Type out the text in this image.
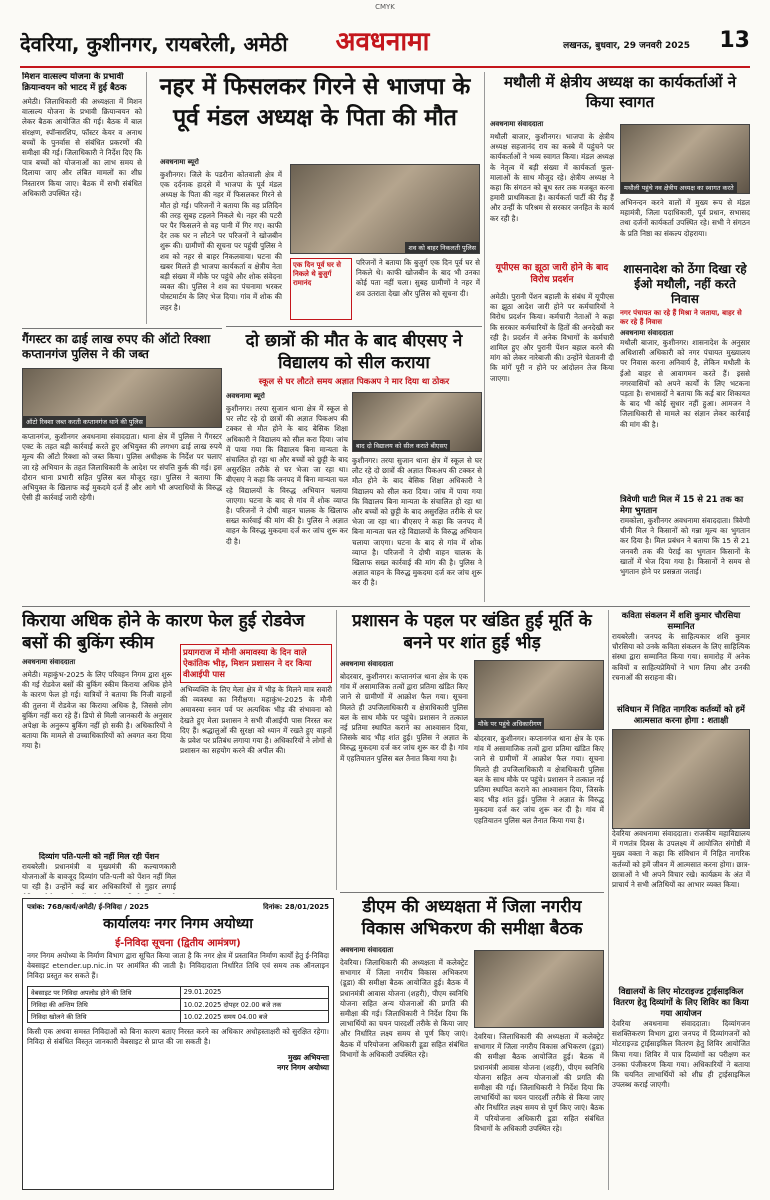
CMYK
देवरिया, कुशीनगर, रायबरेली, अमेठी	अवधनामा	लखनऊ, बुधवार, 29 जनवरी 2025	13
मिशन वात्सल्य योजना के प्रभावी क्रियान्वयन को भाटद में हुई बैठक
अमेठी। जिलाधिकारी की अध्यक्षता में मिशन वात्सल्य योजना के प्रभावी क्रियान्वयन को लेकर बैठक आयोजित की गई। बैठक में बाल संरक्षण, स्पॉन्सरशिप, फॉस्टर केयर व अनाथ बच्चों के पुनर्वास से संबंधित प्रकरणों की समीक्षा की गई। जिलाधिकारी ने निर्देश दिए कि पात्र बच्चों को योजनाओं का लाभ समय से दिलाया जाए और लंबित मामलों का शीघ्र निस्तारण किया जाए। बैठक में सभी संबंधित अधिकारी उपस्थित रहे।
गैंगस्टर का ढाई लाख रुपए की ऑटो रिक्शा कप्तानगंज पुलिस ने की जब्त
ऑटो रिक्शा जब्त करती कप्तानगंज थाने की पुलिस
कप्तानगंज, कुशीनगर अवधनामा संवाददाता। थाना क्षेत्र में पुलिस ने गैंगस्टर एक्ट के तहत बड़ी कार्रवाई करते हुए अभियुक्त की लगभग ढाई लाख रुपये मूल्य की ऑटो रिक्शा को जब्त किया। पुलिस अधीक्षक के निर्देश पर चलाए जा रहे अभियान के तहत जिलाधिकारी के आदेश पर संपत्ति कुर्क की गई। इस दौरान थाना प्रभारी सहित पुलिस बल मौजूद रहा। पुलिस ने बताया कि अभियुक्त के खिलाफ कई मुकदमे दर्ज हैं और आगे भी अपराधियों के विरुद्ध ऐसी ही कार्रवाई जारी रहेगी।
नहर में फिसलकर गिरने से भाजपा के पूर्व मंडल अध्यक्ष के पिता की मौत
अवधनामा ब्यूरो
कुशीनगर। जिले के पडरौना कोतवाली क्षेत्र में एक दर्दनाक हादसे में भाजपा के पूर्व मंडल अध्यक्ष के पिता की नहर में फिसलकर गिरने से मौत हो गई। परिजनों ने बताया कि वह प्रतिदिन की तरह सुबह टहलने निकले थे। नहर की पटरी पर पैर फिसलने से वह पानी में गिर गए। काफी देर तक घर न लौटने पर परिजनों ने खोजबीन शुरू की। ग्रामीणों की सूचना पर पहुंची पुलिस ने शव को नहर से बाहर निकलवाया। घटना की खबर मिलते ही भाजपा कार्यकर्ता व क्षेत्रीय नेता बड़ी संख्या में मौके पर पहुंचे और शोक संवेदना व्यक्त की। पुलिस ने शव का पंचनामा भरकर पोस्टमार्टम के लिए भेज दिया। गांव में शोक की लहर है।
शव को बाहर निकलती पुलिस
एक दिन पूर्व घर से निकले थे बुजुर्ग रामानंद
परिजनों ने बताया कि बुजुर्ग एक दिन पूर्व घर से निकले थे। काफी खोजबीन के बाद भी उनका कोई पता नहीं चला। सुबह ग्रामीणों ने नहर में शव उतराता देखा और पुलिस को सूचना दी।
मथौली में क्षेत्रीय अध्यक्ष का कार्यकर्ताओं ने किया स्वागत
अवधनामा संवाददाता
मथौली बाजार, कुशीनगर। भाजपा के क्षेत्रीय अध्यक्ष सहजानंद राय का कस्बे में पहुंचने पर कार्यकर्ताओं ने भव्य स्वागत किया। मंडल अध्यक्ष के नेतृत्व में बड़ी संख्या में कार्यकर्ता फूल-मालाओं के साथ मौजूद रहे। क्षेत्रीय अध्यक्ष ने कहा कि संगठन को बूथ स्तर तक मजबूत करना हमारी प्राथमिकता है। कार्यकर्ता पार्टी की रीढ़ हैं और उन्हीं के परिश्रम से सरकार जनहित के कार्य कर रही है।
मथौली पहुंचे नव क्षेत्रीय अध्यक्ष का स्वागत करते
अभिनन्दन करने वालों में मुख्य रूप से मंडल महामंत्री, जिला पदाधिकारी, पूर्व प्रधान, सभासद तथा दर्जनों कार्यकर्ता उपस्थित रहे। सभी ने संगठन के प्रति निष्ठा का संकल्प दोहराया।
यूपीएस का झूठा जारी होने के बाद विरोध प्रदर्शन
अमेठी। पुरानी पेंशन बहाली के संबंध में यूपीएस का झूठा आदेश जारी होने पर कर्मचारियों ने विरोध प्रदर्शन किया। कर्मचारी नेताओं ने कहा कि सरकार कर्मचारियों के हितों की अनदेखी कर रही है। प्रदर्शन में अनेक विभागों के कर्मचारी शामिल हुए और पुरानी पेंशन बहाल करने की मांग को लेकर नारेबाजी की। उन्होंने चेतावनी दी कि मांगें पूरी न होने पर आंदोलन तेज किया जाएगा।
शासनादेश को ठेंगा दिखा रहे ईओ मथौली, नहीं करते निवास
नगर पंचायत का रहे हैं मिश्रा ने जताया, बाहर से कर रहे हैं निवास
अवधनामा संवाददाता
मथौली बाजार, कुशीनगर। शासनादेश के अनुसार अधिशासी अधिकारी को नगर पंचायत मुख्यालय पर निवास करना अनिवार्य है, लेकिन मथौली के ईओ बाहर से आवागमन करते हैं। इससे नगरवासियों को अपने कार्यों के लिए भटकना पड़ता है। सभासदों ने बताया कि कई बार शिकायत के बाद भी कोई सुधार नहीं हुआ। आमजन ने जिलाधिकारी से मामले का संज्ञान लेकर कार्रवाई की मांग की है।
त्रिवेणी घाटी मिल में 15 से 21 तक का मेगा भुगतान
रामकोला, कुशीनगर अवधनामा संवाददाता। त्रिवेणी चीनी मिल ने किसानों को गन्ना मूल्य का भुगतान कर दिया है। मिल प्रबंधन ने बताया कि 15 से 21 जनवरी तक की पेराई का भुगतान किसानों के खातों में भेज दिया गया है। किसानों ने समय से भुगतान होने पर प्रसन्नता जताई।
दो छात्रों की मौत के बाद बीएसए ने विद्यालय को सील कराया
स्कूल से घर लौटते समय अज्ञात पिकअप ने मार दिया था ठोकर
अवधनामा ब्यूरो
बाद दो विद्यालय को सील कराते बीएसए
कुशीनगर। तरया सुजान थाना क्षेत्र में स्कूल से घर लौट रहे दो छात्रों की अज्ञात पिकअप की टक्कर से मौत होने के बाद बेसिक शिक्षा अधिकारी ने विद्यालय को सील करा दिया। जांच में पाया गया कि विद्यालय बिना मान्यता के संचालित हो रहा था और बच्चों को छुट्टी के बाद असुरक्षित तरीके से घर भेजा जा रहा था। बीएसए ने कहा कि जनपद में बिना मान्यता चल रहे विद्यालयों के विरुद्ध अभियान चलाया जाएगा। घटना के बाद से गांव में शोक व्याप्त है। परिजनों ने दोषी वाहन चालक के खिलाफ सख्त कार्रवाई की मांग की है। पुलिस ने अज्ञात वाहन के विरुद्ध मुकदमा दर्ज कर जांच शुरू कर दी है।
कुशीनगर। तरया सुजान थाना क्षेत्र में स्कूल से घर लौट रहे दो छात्रों की अज्ञात पिकअप की टक्कर से मौत होने के बाद बेसिक शिक्षा अधिकारी ने विद्यालय को सील करा दिया। जांच में पाया गया कि विद्यालय बिना मान्यता के संचालित हो रहा था और बच्चों को छुट्टी के बाद असुरक्षित तरीके से घर भेजा जा रहा था। बीएसए ने कहा कि जनपद में बिना मान्यता चल रहे विद्यालयों के विरुद्ध अभियान चलाया जाएगा। घटना के बाद से गांव में शोक व्याप्त है। परिजनों ने दोषी वाहन चालक के खिलाफ सख्त कार्रवाई की मांग की है। पुलिस ने अज्ञात वाहन के विरुद्ध मुकदमा दर्ज कर जांच शुरू कर दी है।
किराया अधिक होने के कारण फेल हुई रोडवेज बसों की बुकिंग स्कीम
अवधनामा संवाददाता
अमेठी। महाकुंभ-2025 के लिए परिवहन निगम द्वारा शुरू की गई रोडवेज बसों की बुकिंग स्कीम किराया अधिक होने के कारण फेल हो गई। यात्रियों ने बताया कि निजी वाहनों की तुलना में रोडवेज का किराया अधिक है, जिससे लोग बुकिंग नहीं करा रहे हैं। डिपो से मिली जानकारी के अनुसार अपेक्षा के अनुरूप बुकिंग नहीं हो सकी है। अधिकारियों ने बताया कि मामले से उच्चाधिकारियों को अवगत करा दिया गया है।
प्रयागराज में मौनी अमावस्या के दिन वाले ऐकांतिक भीड़, मिशन प्रशासन ने दर किया वीआईपी पास
अभिव्यक्ति के लिए मेला क्षेत्र में भीड़ के मिलने मात्र सवारी की व्यवस्था का निरीक्षण। महाकुंभ-2025 के मौनी अमावस्या स्नान पर्व पर अत्यधिक भीड़ की संभावना को देखते हुए मेला प्रशासन ने सभी वीआईपी पास निरस्त कर दिए हैं। श्रद्धालुओं की सुरक्षा को ध्यान में रखते हुए वाहनों के प्रवेश पर प्रतिबंध लगाया गया है। अधिकारियों ने लोगों से प्रशासन का सहयोग करने की अपील की।
दिव्यांग पति-पत्नी को नहीं मिल रही पेंशन
रायबरेली। प्रधानमंत्री व मुख्यमंत्री की कल्याणकारी योजनाओं के बावजूद दिव्यांग पति-पत्नी को पेंशन नहीं मिल पा रही है। उन्होंने कई बार अधिकारियों से गुहार लगाई
प्रशासन के पहल पर खंडित हुई मूर्ति के बनने पर शांत हुई भीड़
अवधनामा संवाददाता
मौके पर पहुंचे अधिकारीगण
बोदरवार, कुशीनगर। कप्तानगंज थाना क्षेत्र के एक गांव में असामाजिक तत्वों द्वारा प्रतिमा खंडित किए जाने से ग्रामीणों में आक्रोश फैल गया। सूचना मिलते ही उपजिलाधिकारी व क्षेत्राधिकारी पुलिस बल के साथ मौके पर पहुंचे। प्रशासन ने तत्काल नई प्रतिमा स्थापित कराने का आश्वासन दिया, जिसके बाद भीड़ शांत हुई। पुलिस ने अज्ञात के विरुद्ध मुकदमा दर्ज कर जांच शुरू कर दी है। गांव में एहतियातन पुलिस बल तैनात किया गया है।
बोदरवार, कुशीनगर। कप्तानगंज थाना क्षेत्र के एक गांव में असामाजिक तत्वों द्वारा प्रतिमा खंडित किए जाने से ग्रामीणों में आक्रोश फैल गया। सूचना मिलते ही उपजिलाधिकारी व क्षेत्राधिकारी पुलिस बल के साथ मौके पर पहुंचे। प्रशासन ने तत्काल नई प्रतिमा स्थापित कराने का आश्वासन दिया, जिसके बाद भीड़ शांत हुई। पुलिस ने अज्ञात के विरुद्ध मुकदमा दर्ज कर जांच शुरू कर दी है। गांव में एहतियातन पुलिस बल तैनात किया गया है।
कविता संकलन में शशि कुमार चौरसिया सम्मानित
रायबरेली। जनपद के साहित्यकार शशि कुमार चौरसिया को उनके कविता संकलन के लिए साहित्यिक संस्था द्वारा सम्मानित किया गया। समारोह में अनेक कवियों व साहित्यप्रेमियों ने भाग लिया और उनकी रचनाओं की सराहना की।
संविधान में निहित नागरिक कर्तव्यों को हमें आत्मसात करना होगा : शताक्षी
देवरिया अवधनामा संवाददाता। राजकीय महाविद्यालय में गणतंत्र दिवस के उपलक्ष्य में आयोजित संगोष्ठी में मुख्य वक्ता ने कहा कि संविधान में निहित नागरिक कर्तव्यों को हमें जीवन में आत्मसात करना होगा। छात्र-छात्राओं ने भी अपने विचार रखे। कार्यक्रम के अंत में प्राचार्य ने सभी अतिथियों का आभार व्यक्त किया।
विद्यालयों के लिए मोटराइज्ड ट्राईसाइकिल वितरण हेतु दिव्यांगों के लिए शिविर का किया गया आयोजन
देवरिया अवधनामा संवाददाता। दिव्यांगजन सशक्तिकरण विभाग द्वारा जनपद में दिव्यांगजनों को मोटराइज्ड ट्राईसाइकिल वितरण हेतु शिविर आयोजित किया गया। शिविर में पात्र दिव्यांगों का परीक्षण कर उनका पंजीकरण किया गया। अधिकारियों ने बताया कि चयनित लाभार्थियों को शीघ्र ही ट्राईसाइकिल उपलब्ध कराई जाएगी।
डीएम की अध्यक्षता में जिला नगरीय विकास अभिकरण की समीक्षा बैठक
अवधनामा संवाददाता
देवरिया। जिलाधिकारी की अध्यक्षता में कलेक्ट्रेट सभागार में जिला नगरीय विकास अभिकरण (डूडा) की समीक्षा बैठक आयोजित हुई। बैठक में प्रधानमंत्री आवास योजना (शहरी), पीएम स्वनिधि योजना सहित अन्य योजनाओं की प्रगति की समीक्षा की गई। जिलाधिकारी ने निर्देश दिया कि लाभार्थियों का चयन पारदर्शी तरीके से किया जाए और निर्धारित लक्ष्य समय से पूर्ण किए जाएं। बैठक में परियोजना अधिकारी डूडा सहित संबंधित विभागों के अधिकारी उपस्थित रहे।
देवरिया। जिलाधिकारी की अध्यक्षता में कलेक्ट्रेट सभागार में जिला नगरीय विकास अभिकरण (डूडा) की समीक्षा बैठक आयोजित हुई। बैठक में प्रधानमंत्री आवास योजना (शहरी), पीएम स्वनिधि योजना सहित अन्य योजनाओं की प्रगति की समीक्षा की गई। जिलाधिकारी ने निर्देश दिया कि लाभार्थियों का चयन पारदर्शी तरीके से किया जाए और निर्धारित लक्ष्य समय से पूर्ण किए जाएं। बैठक में परियोजना अधिकारी डूडा सहित संबंधित विभागों के अधिकारी उपस्थित रहे।
पत्रांक: 768/कार्य/अमेठी/ ई-निविदा / 2025	दिनांक: 28/01/2025
कार्यालयः नगर निगम अयोध्या
ई-निविदा सूचना (द्वितीय आमंत्रण)
नगर निगम अयोध्या के निर्माण विभाग द्वारा सूचित किया जाता है कि नगर क्षेत्र में प्रस्तावित निर्माण कार्यों हेतु ई-निविदा वेबसाइट etender.up.nic.in पर आमंत्रित की जाती है। निविदादाता निर्धारित तिथि एवं समय तक ऑनलाइन निविदा प्रस्तुत कर सकते हैं।
वेबसाइट पर निविदा अपलोड होने की तिथि	29.01.2025
निविदा की अन्तिम तिथि	10.02.2025 दोपहर 02.00 बजे तक
निविदा खोलने की तिथि	10.02.2025 समय 04.00 बजे
किसी एक अथवा समस्त निविदाओं को बिना कारण बताए निरस्त करने का अधिकार अधोहस्ताक्षरी को सुरक्षित रहेगा। निविदा से संबंधित विस्तृत जानकारी वेबसाइट से प्राप्त की जा सकती है।
मुख्य अभियन्ता
नगर निगम अयोध्या
